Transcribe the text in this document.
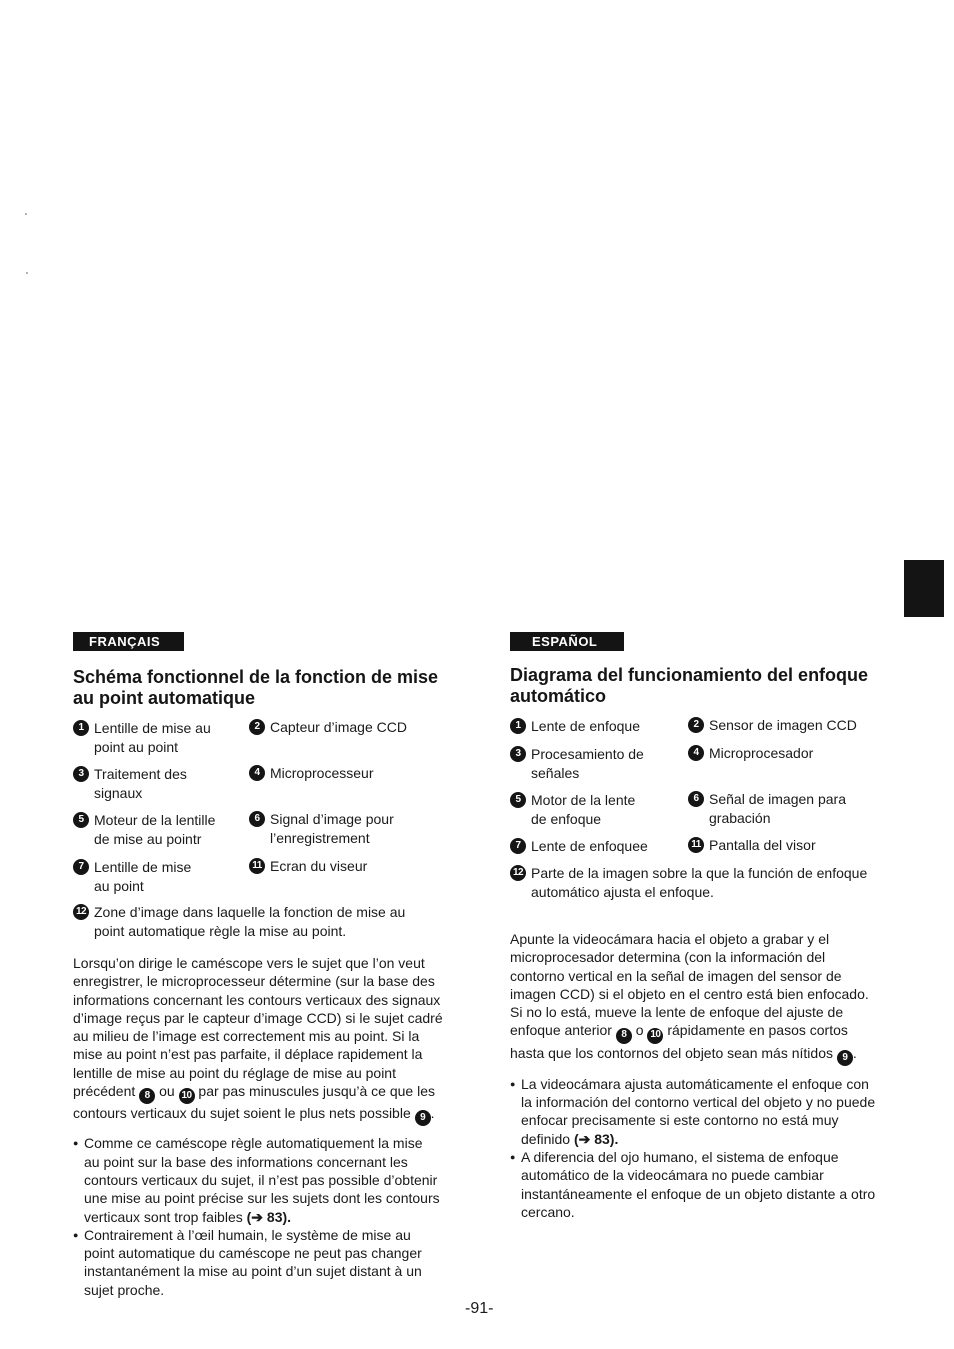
FRANÇAIS
Schéma fonctionnel de la fonction de mise au point automatique
1 Lentille de mise au point au point
2 Capteur d’image CCD
3 Traitement des signaux
4 Microprocesseur
5 Moteur de la lentille de mise au pointr
6 Signal d’image pour l’enregistrement
7 Lentille de mise au point
11 Ecran du viseur
12 Zone d’image dans laquelle la fonction de mise au point automatique règle la mise au point.

Lorsqu’on dirige le caméscope vers le sujet que l’on veut enregistrer, le microprocesseur détermine (sur la base des informations concernant les contours verticaux des signaux d’image reçus par le capteur d’image CCD) si le sujet cadré au milieu de l’image est correctement mis au point. Si la mise au point n’est pas parfaite, il déplace rapidement la lentille de mise au point du réglage de mise au point précédent 8 ou 10 par pas minuscules jusqu’à ce que les contours verticaux du sujet soient le plus nets possible 9 .

● Comme ce caméscope règle automatiquement la mise au point sur la base des informations concernant les contours verticaux du sujet, il n’est pas possible d’obtenir une mise au point précise sur les sujets dont les contours verticaux sont trop faibles (➔ 83).
● Contrairement à l’œil humain, le système de mise au point automatique du caméscope ne peut pas changer instantanément la mise au point d’un sujet distant à un sujet proche.
ESPAÑOL
Diagrama del funcionamiento del enfoque automático
1 Lente de enfoque	2 Sensor de imagen CCD
3 Procesamiento de señales
4 Microprocesador
5 Motor de la lente de enfoque
6 Señal de imagen para grabación
7 Lente de enfoquee	11 Pantalla del visor
12 Parte de la imagen sobre la que la función de enfoque automático ajusta el enfoque.

Apunte la videocámara hacia el objeto a grabar y el microprocesador determina (con la información del contorno vertical en la señal de imagen del sensor de imagen CCD) si el objeto en el centro está bien enfocado. Si no lo está, mueve la lente de enfoque del ajuste de enfoque anterior 8 o 10 rápidamente en pasos cortos hasta que los contornos del objeto sean más nítidos 9 .

● La videocámara ajusta automáticamente el enfoque con la información del contorno vertical del objeto y no puede enfocar precisamente si este contorno no está muy definido (➔ 83).
● A diferencia del ojo humano, el sistema de enfoque automático de la videocámara no puede cambiar instantáneamente el enfoque de un objeto distante a otro cercano.
-91-
